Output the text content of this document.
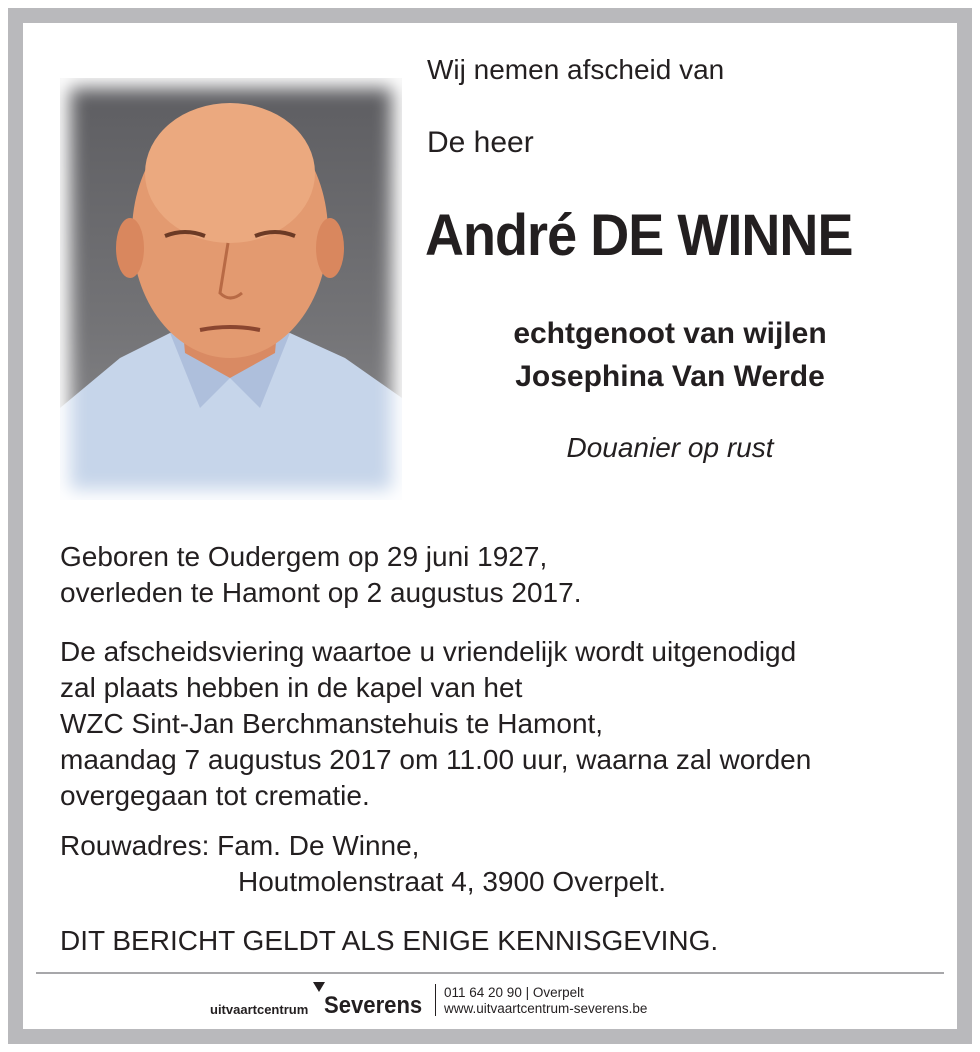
Wij nemen afscheid van
De heer
André DE WINNE
echtgenoot van wijlen
Josephina Van Werde
Douanier op rust
Geboren te Oudergem op 29 juni 1927,
overleden te Hamont op 2 augustus 2017.
De afscheidsviering waartoe u vriendelijk wordt uitgenodigd
zal plaats hebben in de kapel van het
WZC Sint-Jan Berchmanstehuis te Hamont,
maandag 7 augustus 2017 om 11.00 uur, waarna zal worden
overgegaan tot crematie.
Rouwadres: Fam. De Winne,
Houtmolenstraat 4, 3900 Overpelt.
DIT BERICHT GELDT ALS ENIGE KENNISGEVING.
uitvaartcentrum Severens 011 64 20 90 | Overpelt
www.uitvaartcentrum-severens.be
